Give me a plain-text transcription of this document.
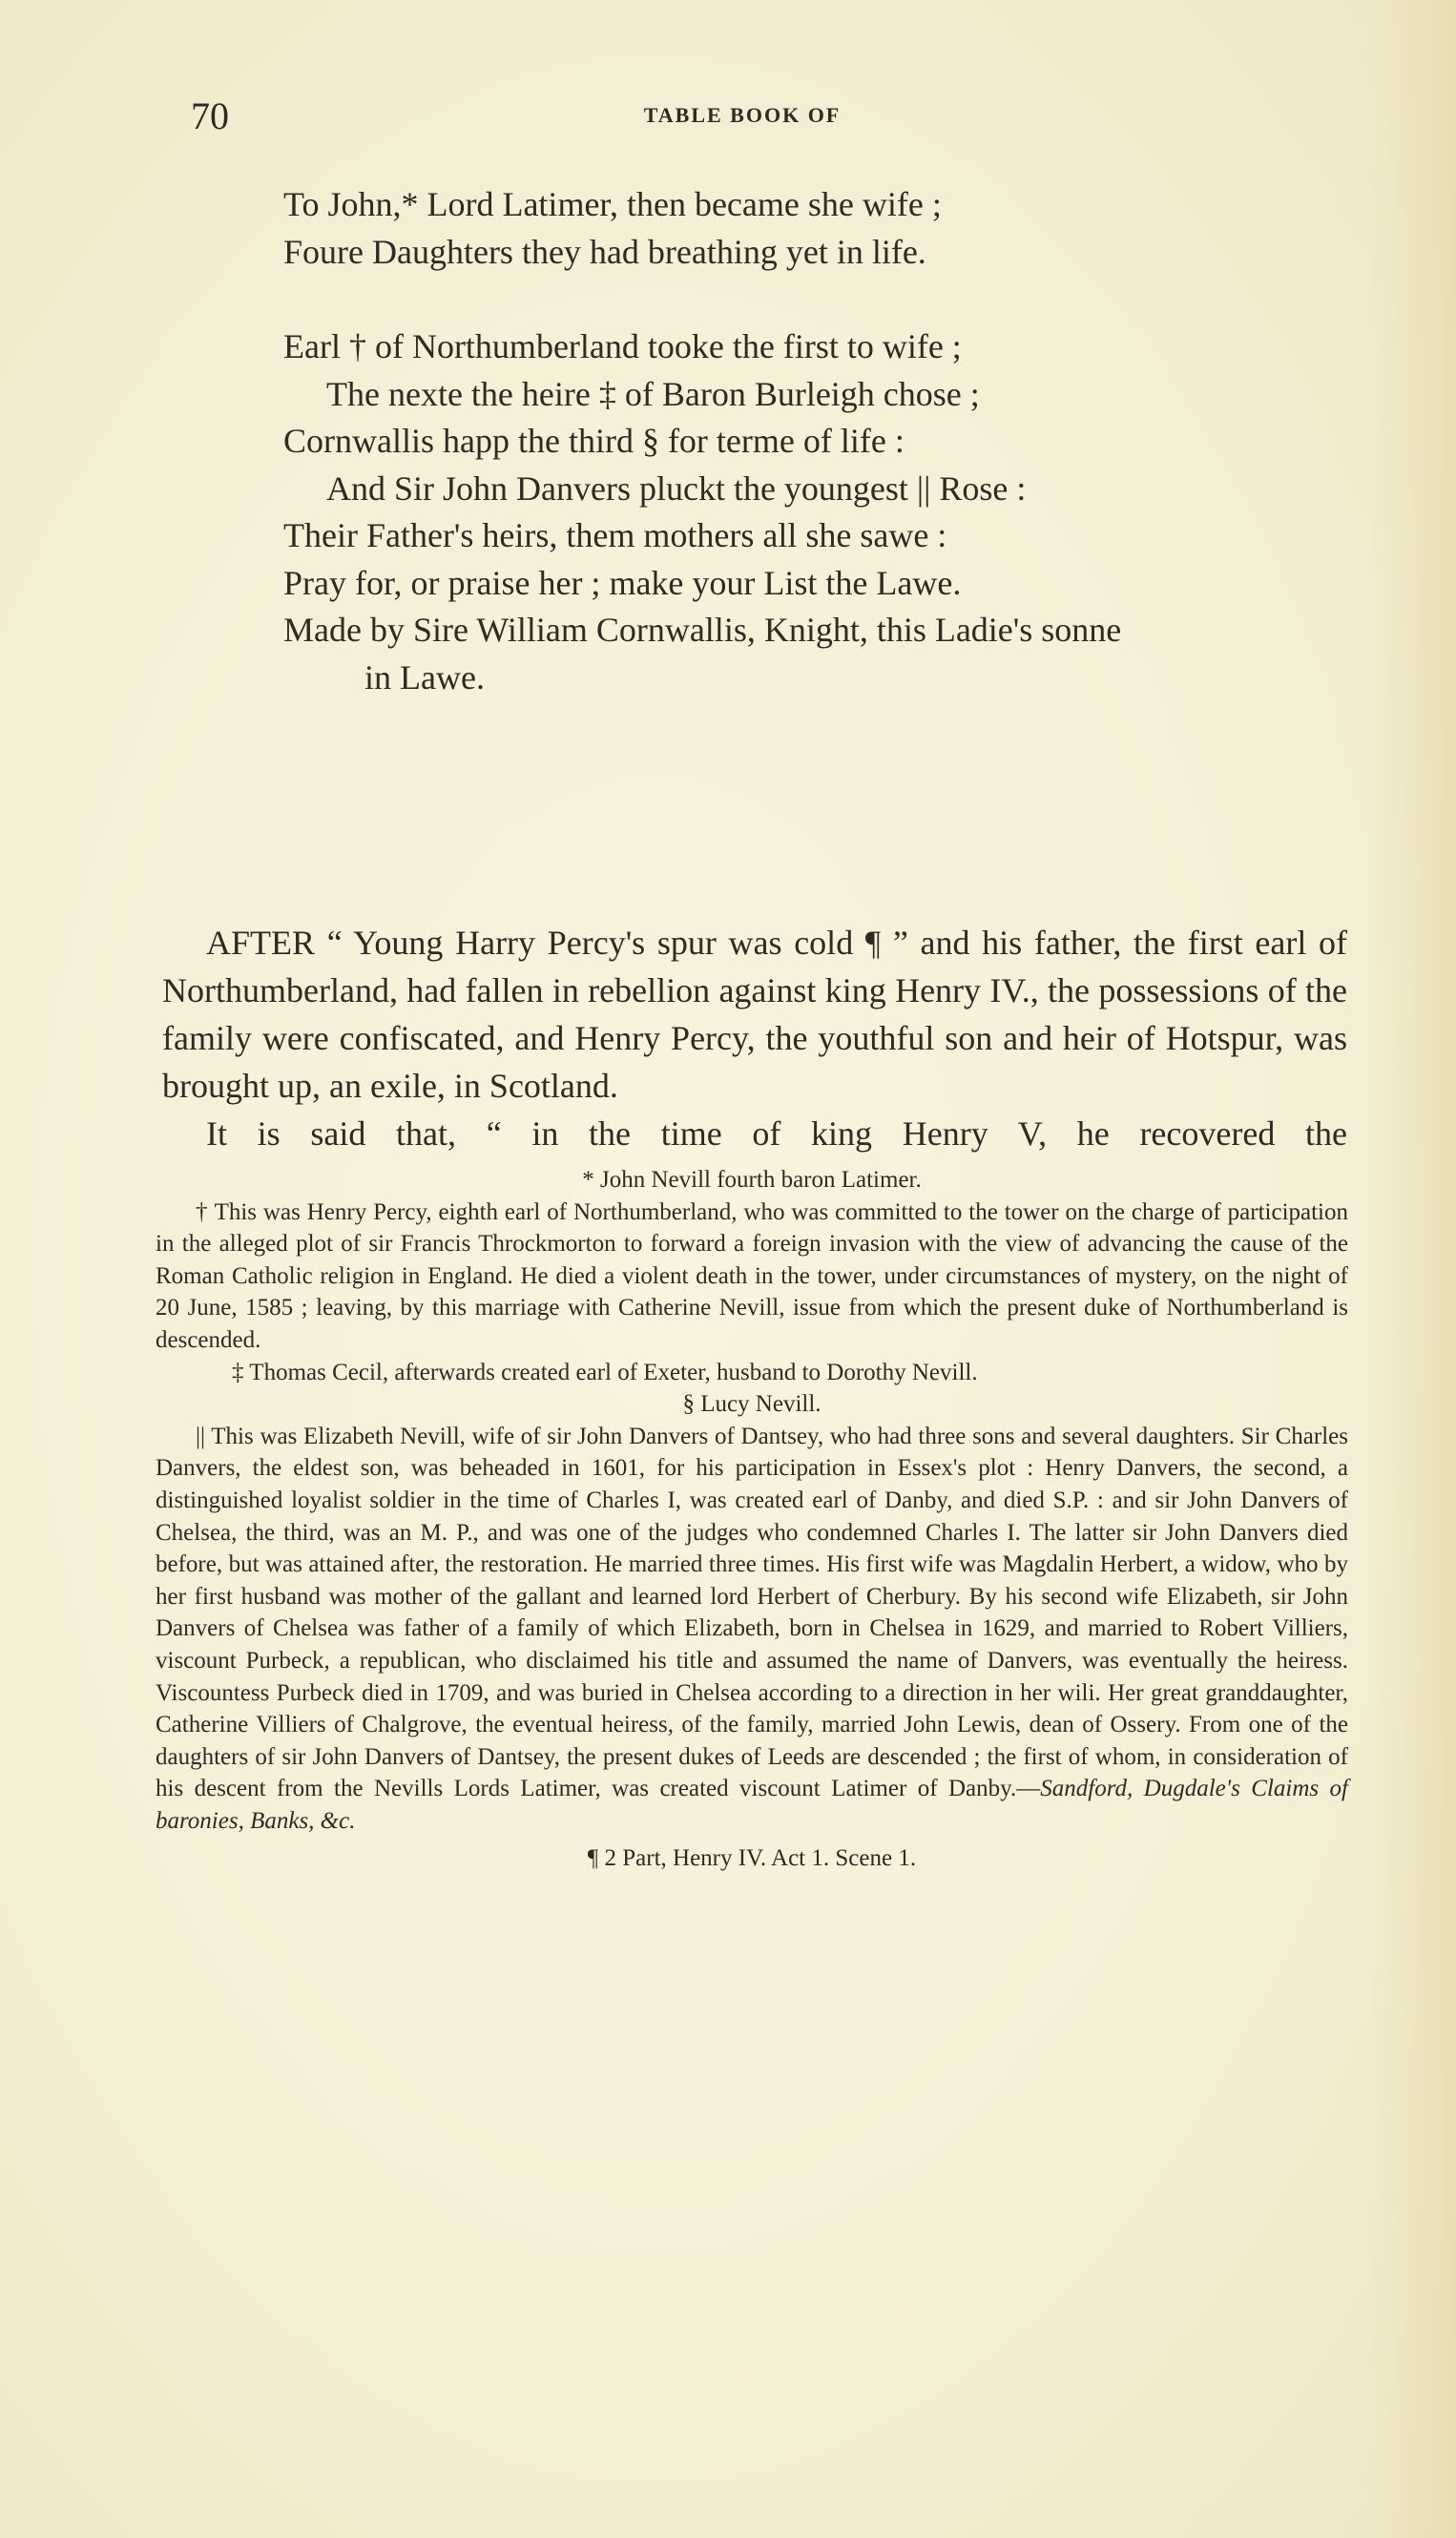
70	TABLE BOOK OF
To John,* Lord Latimer, then became she wife ;
Foure Daughters they had breathing yet in life.
Earl † of Northumberland tooke the first to wife ;
The nexte the heire ‡ of Baron Burleigh chose ;
Cornwallis happ the third § for terme of life :
And Sir John Danvers pluckt the youngest || Rose :
Their Father's heirs, them mothers all she sawe :
Pray for, or praise her ; make your List the Lawe.
Made by Sire William Cornwallis, Knight, this Ladie's sonne
in Lawe.

AFTER “ Young Harry Percy's spur was cold ¶ ” and his father, the first earl of Northumberland, had fallen in rebellion against king Henry IV., the possessions of the family were confiscated, and Henry Percy, the youthful son and heir of Hotspur, was brought up, an exile, in Scotland.

It is said that, “ in the time of king Henry V, he recovered the

* John Nevill fourth baron Latimer.

† This was Henry Percy, eighth earl of Northumberland, who was committed to the tower on the charge of participation in the alleged plot of sir Francis Throckmorton to forward a foreign invasion with the view of advancing the cause of the Roman Catholic religion in England. He died a violent death in the tower, under circumstances of mystery, on the night of 20 June, 1585 ; leaving, by this marriage with Catherine Nevill, issue from which the present duke of Northumberland is descended.

‡ Thomas Cecil, afterwards created earl of Exeter, husband to Dorothy Nevill.

§ Lucy Nevill.

|| This was Elizabeth Nevill, wife of sir John Danvers of Dantsey, who had three sons and several daughters. Sir Charles Danvers, the eldest son, was beheaded in 1601, for his participation in Essex's plot : Henry Danvers, the second, a distinguished loyalist soldier in the time of Charles I, was created earl of Danby, and died S.P. : and sir John Danvers of Chelsea, the third, was an M. P., and was one of the judges who condemned Charles I. The latter sir John Danvers died before, but was attained after, the restoration. He married three times. His first wife was Magdalin Herbert, a widow, who by her first husband was mother of the gallant and learned lord Herbert of Cherbury. By his second wife Elizabeth, sir John Danvers of Chelsea was father of a family of which Elizabeth, born in Chelsea in 1629, and married to Robert Villiers, viscount Purbeck, a republican, who disclaimed his title and assumed the name of Danvers, was eventually the heiress. Viscountess Purbeck died in 1709, and was buried in Chelsea according to a direction in her wili. Her great granddaughter, Catherine Villiers of Chalgrove, the eventual heiress, of the family, married John Lewis, dean of Ossery. From one of the daughters of sir John Danvers of Dantsey, the present dukes of Leeds are descended ; the first of whom, in consideration of his descent from the Nevills Lords Latimer, was created viscount Latimer of Danby.—Sandford, Dugdale's Claims of baronies, Banks, &c.

¶ 2 Part, Henry IV. Act 1. Scene 1.
